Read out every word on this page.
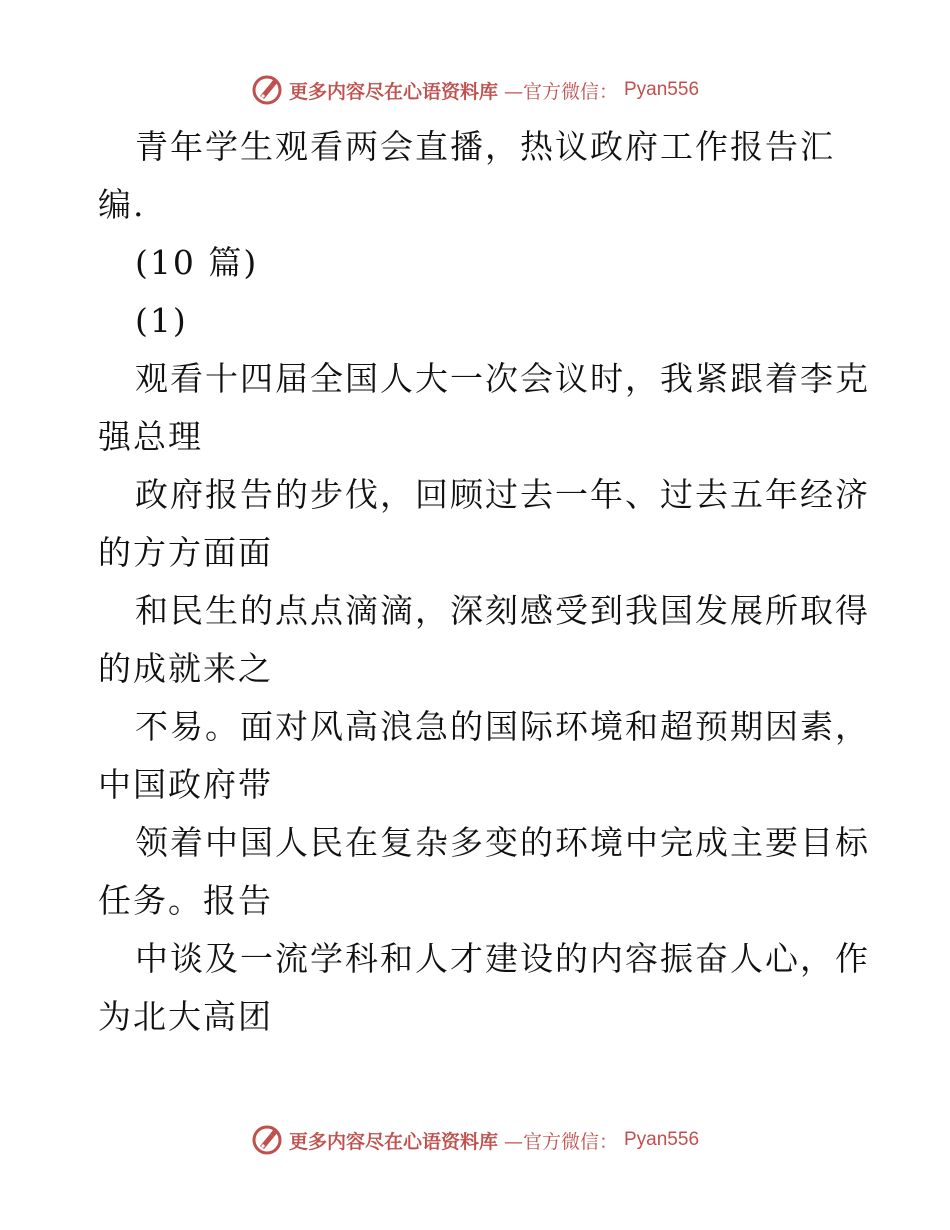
更多内容尽在心语资料库 —官方微信： Pyan556
青年学生观看两会直播，热议政府工作报告汇
编.
(10 篇)
(1)
观看十四届全国人大一次会议时，我紧跟着李克
强总理
政府报告的步伐，回顾过去一年、过去五年经济
的方方面面
和民生的点点滴滴，深刻感受到我国发展所取得
的成就来之
不易。面对风高浪急的国际环境和超预期因素，
中国政府带
领着中国人民在复杂多变的环境中完成主要目标
任务。报告
中谈及一流学科和人才建设的内容振奋人心，作
为北大高团
更多内容尽在心语资料库 —官方微信： Pyan556
